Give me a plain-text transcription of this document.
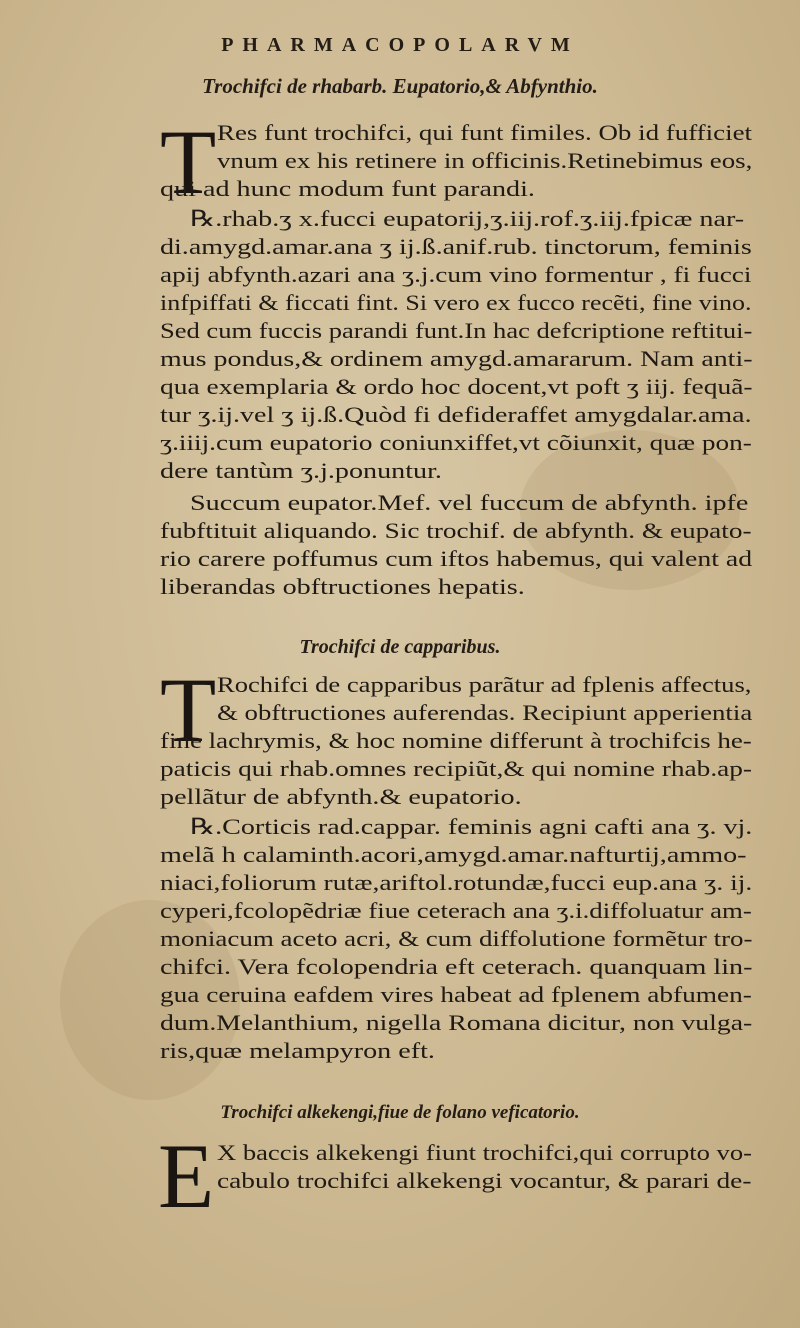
PHARMACOPOLARVM
Trochifci de rhabarb. Eupatorio,& Abfynthio.
T Res funt trochifci, qui funt fimiles. Ob id fufficiet
vnum ex his retinere in officinis.Retinebimus eos,
qui ad hunc modum funt parandi.
℞.rhab.ʒ x.fucci eupatorij,ʒ.iij.rof.ʒ.iij.fpicæ nar-
di.amygd.amar.ana ʒ ij.ß.anif.rub. tinctorum, feminis
apij abfynth.azari ana ʒ.j.cum vino formentur , fi fucci
infpiffati & ficcati fint. Si vero ex fucco recẽti, fine vino.
Sed cum fuccis parandi funt.In hac defcriptione reftitui-
mus pondus,& ordinem amygd.amararum. Nam anti-
qua exemplaria & ordo hoc docent,vt poft ʒ iij. fequã-
tur ʒ.ij.vel ʒ ij.ß.Quòd fi defideraffet amygdalar.ama.
ʒ.iiij.cum eupatorio coniunxiffet,vt cõiunxit, quæ pon-
dere tantùm ʒ.j.ponuntur.
Succum eupator.Mef. vel fuccum de abfynth. ipfe
fubftituit aliquando. Sic trochif. de abfynth. & eupato-
rio carere poffumus cum iftos habemus, qui valent ad
liberandas obftructiones hepatis.
Trochifci de capparibus.
T Rochifci de capparibus parãtur ad fplenis affectus,
& obftructiones auferendas. Recipiunt apperientia
fine lachrymis, & hoc nomine differunt à trochifcis he-
paticis qui rhab.omnes recipiũt,& qui nomine rhab.ap-
pellãtur de abfynth.& eupatorio.
℞.Corticis rad.cappar. feminis agni cafti ana ʒ. vj.
melã h calaminth.acori,amygd.amar.nafturtij,ammo-
niaci,foliorum rutæ,ariftol.rotundæ,fucci eup.ana ʒ. ij.
cyperi,fcolopẽdriæ fiue ceterach ana ʒ.i.diffoluatur am-
moniacum aceto acri, & cum diffolutione formẽtur tro-
chifci. Vera fcolopendria eft ceterach. quanquam lin-
gua ceruina eafdem vires habeat ad fplenem abfumen-
dum.Melanthium, nigella Romana dicitur, non vulga-
ris,quæ melampyron eft.
Trochifci alkekengi,fiue de folano veficatorio.
E X baccis alkekengi fiunt trochifci,qui corrupto vo-
cabulo trochifci alkekengi vocantur, & parari de-
